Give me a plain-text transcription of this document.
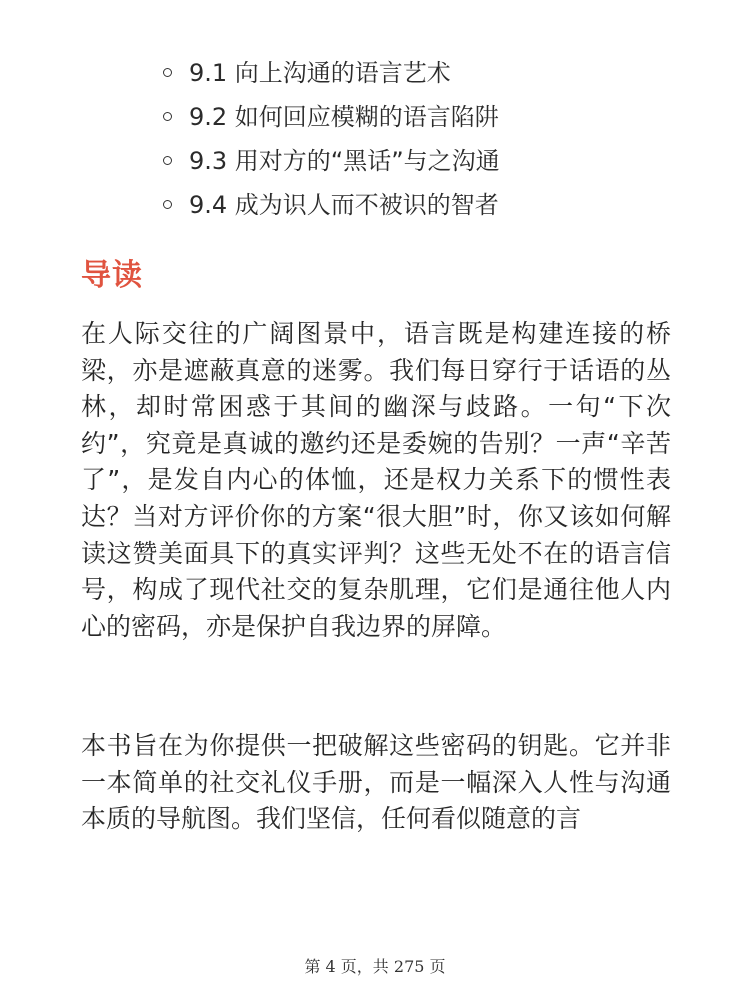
9.1 向上沟通的语言艺术
9.2 如何回应模糊的语言陷阱
9.3 用对方的“黑话”与之沟通
9.4 成为识人而不被识的智者
导读

在人际交往的广阔图景中，语言既是构建连接的桥梁，亦是遮蔽真意的迷雾。我们每日穿行于话语的丛林，却时常困惑于其间的幽深与歧路。一句“下次约”，究竟是真诚的邀约还是委婉的告别？一声“辛苦了”，是发自内心的体恤，还是权力关系下的惯性表达？当对方评价你的方案“很大胆”时，你又该如何解读这赞美面具下的真实评判？这些无处不在的语言信号，构成了现代社交的复杂肌理，它们是通往他人内心的密码，亦是保护自我边界的屏障。

本书旨在为你提供一把破解这些密码的钥匙。它并非一本简单的社交礼仪手册，而是一幅深入人性与沟通本质的导航图。我们坚信，任何看似随意的言

第 4 页，共 275 页
